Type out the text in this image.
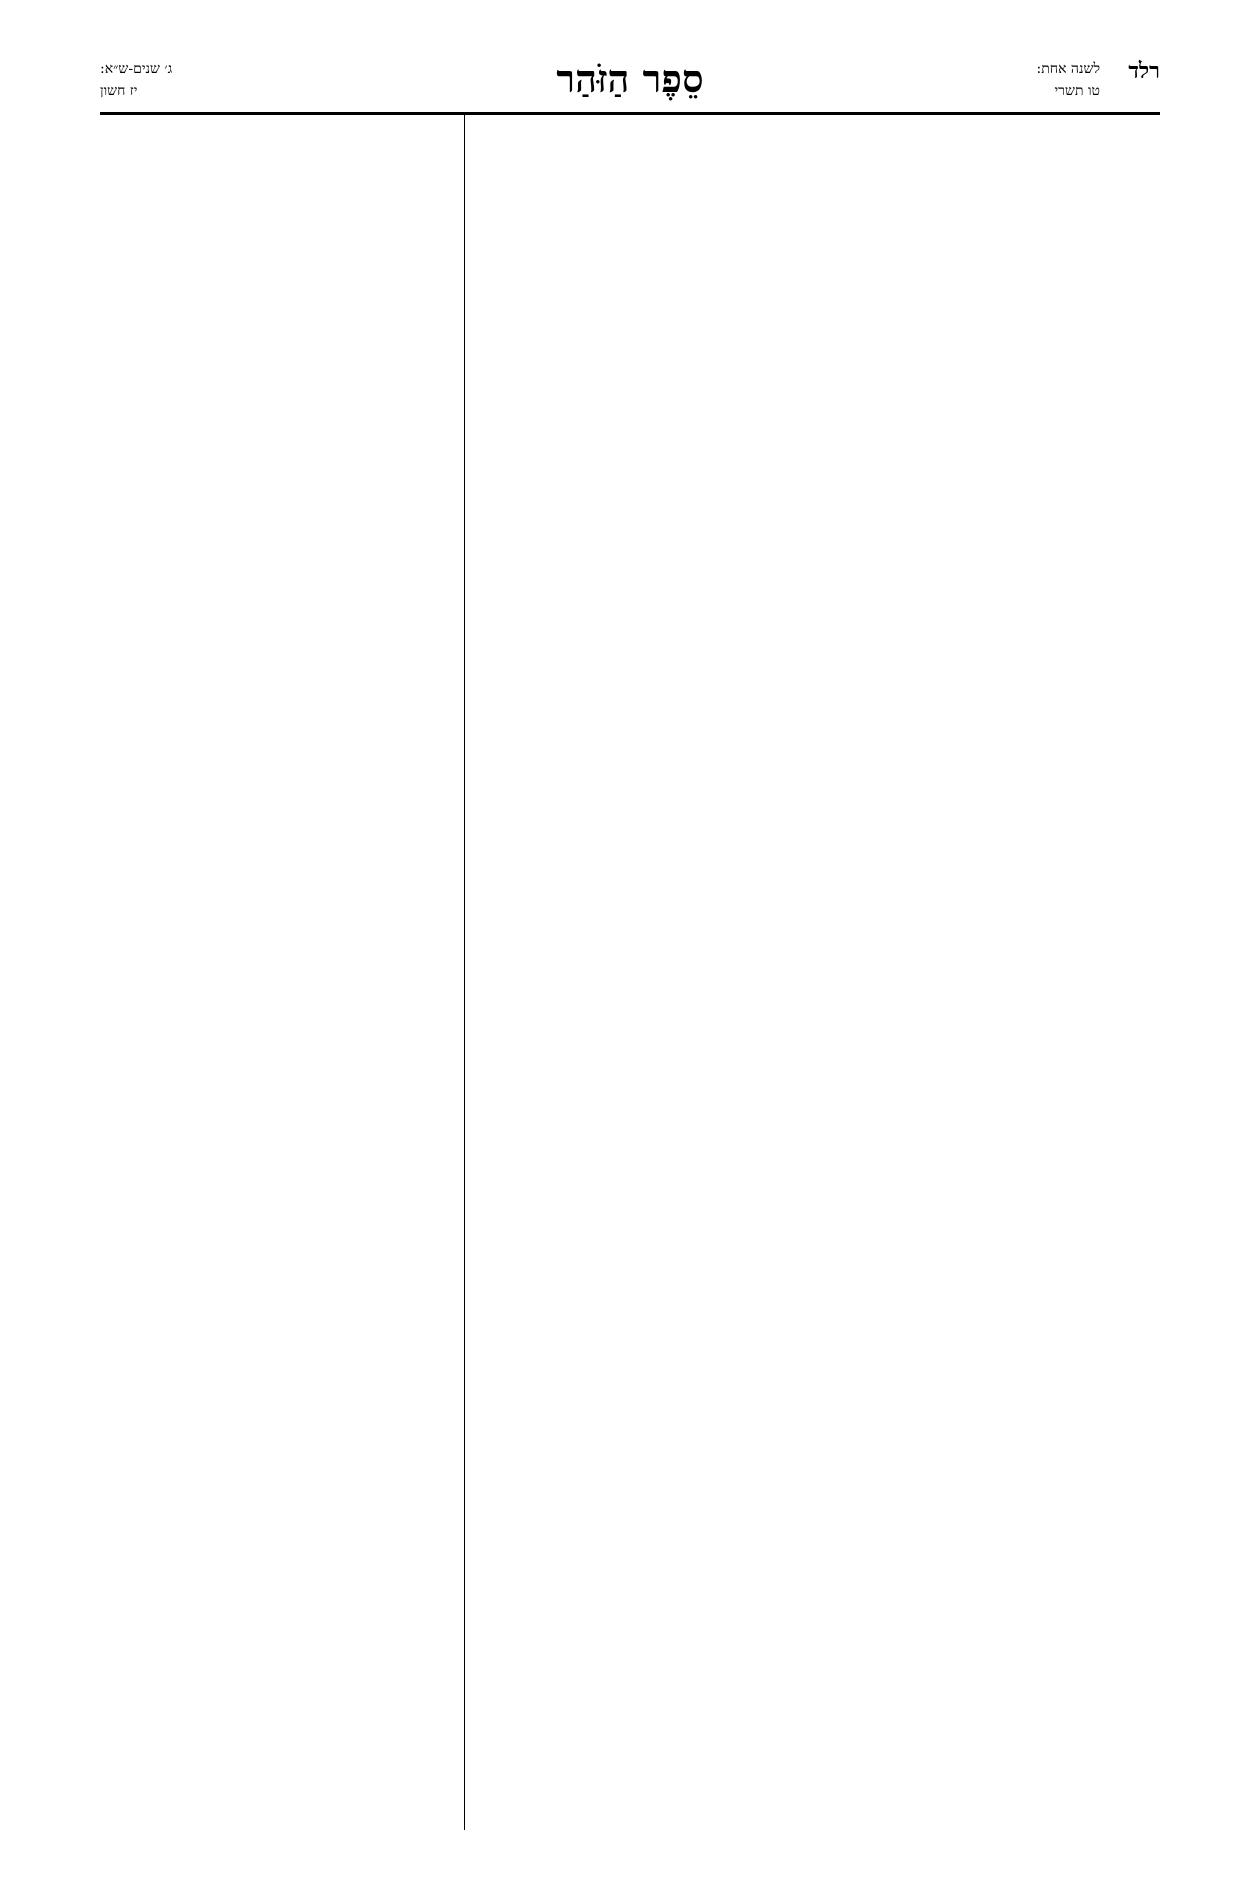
רלד
לשנה אחת:
טו תשרי
סֵפֶר הַזֹּהַר
ג׳ שנים-ש״א:
יז חשון
